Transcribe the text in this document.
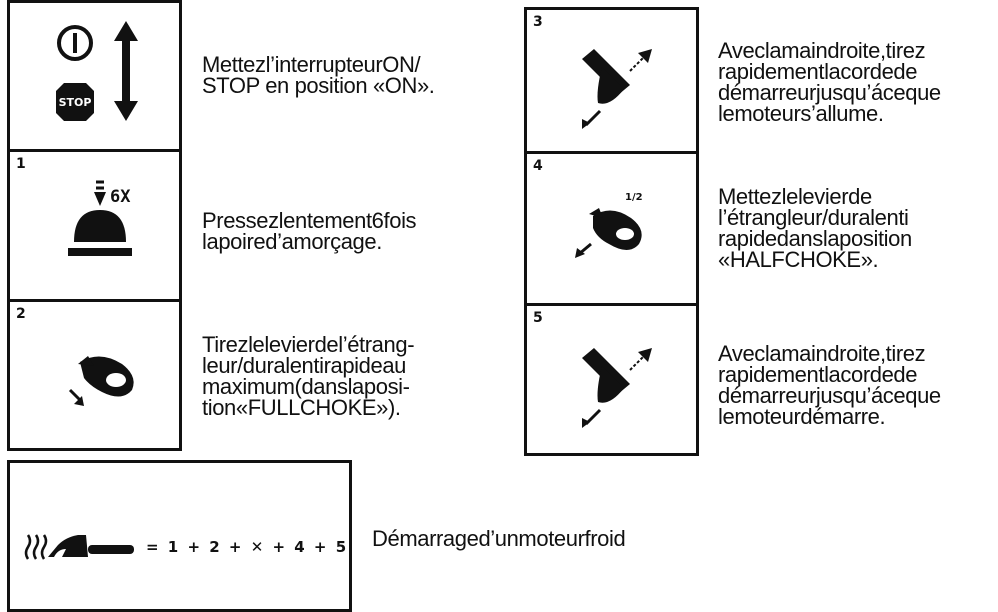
STOP
1
6X
2
= 1 + 2 + ✕ + 4 + 5
3
4
1/2
5
Mettezl’interrupteurON/
STOP en position «ON».
Pressezlentement6fois
lapoired’amorçage.
Tirezlelevierdel’étrang-
leur/duralentirapideau
maximum(danslaposi-
tion«FULLCHOKE»).
Aveclamaindroite,tirez
rapidementlacordede
démarreurjusqu’áceque
lemoteurs’allume.
Mettezlelevierde
l’étrangleur/duralenti
rapidedanslaposition
«HALFCHOKE».
Aveclamaindroite,tirez
rapidementlacordede
démarreurjusqu’áceque
lemoteurdémarre.
Démarraged’unmoteurfroid
